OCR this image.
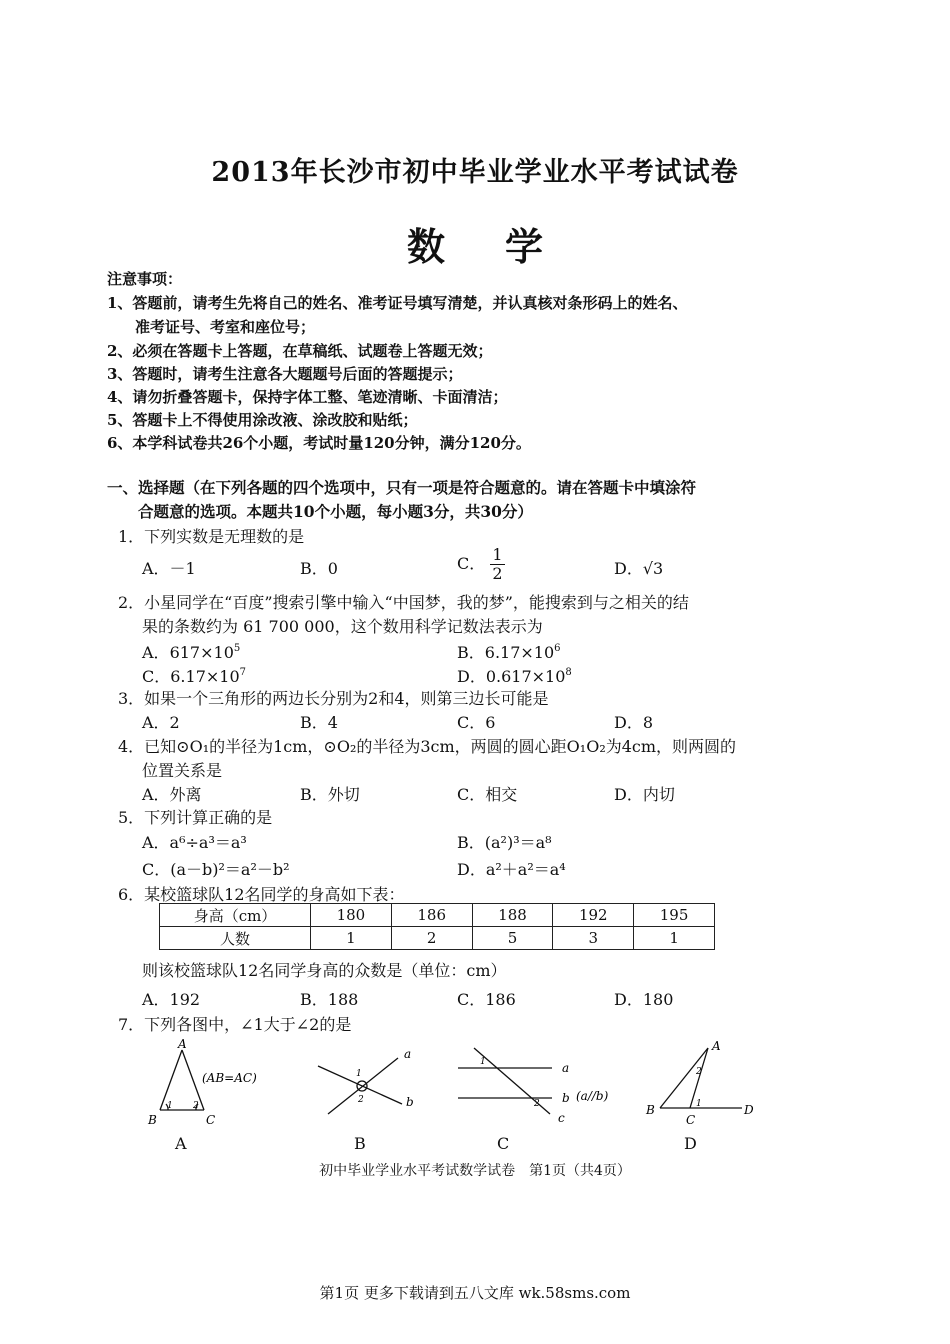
2013年长沙市初中毕业学业水平考试试卷
数学
注意事项：
1、答题前，请考生先将自己的姓名、准考证号填写清楚，并认真核对条形码上的姓名、
准考证号、考室和座位号；
2、必须在答题卡上答题，在草稿纸、试题卷上答题无效；
3、答题时，请考生注意各大题题号后面的答题提示；
4、请勿折叠答题卡，保持字体工整、笔迹清晰、卡面清洁；
5、答题卡上不得使用涂改液、涂改胶和贴纸；
6、本学科试卷共26个小题，考试时量120分钟，满分120分。
一、选择题（在下列各题的四个选项中，只有一项是符合题意的。请在答题卡中填涂符
合题意的选项。本题共10个小题，每小题3分，共30分）
1．下列实数是无理数的是
A．－1	B．0	C． $\frac{1}{2}$	D．√3
2．小星同学在“百度”搜索引擎中输入“中国梦，我的梦”，能搜索到与之相关的结
果的条数约为 61 700 000，这个数用科学记数法表示为
A．$617\times 10^5$	B．$6.17\times 10^6$
C．$6.17\times 10^7$	D．$0.617\times 10^8$
3．如果一个三角形的两边长分别为2和4，则第三边长可能是
A．2	B．4	C．6	D．8
4．已知⊙O₁的半径为1cm，⊙O₂的半径为3cm，两圆的圆心距O₁O₂为4cm，则两圆的
位置关系是
A．外离	B．外切	C．相交	D．内切
5．下列计算正确的是
A．a⁶÷a³＝a³	B．(a²)³＝a⁸
C．(a－b)²＝a²－b²	D．a²＋a²＝a⁴
6．某校篮球队12名同学的身高如下表：
身高（cm）	180	186	188	192	195
人数	1	2	5	3	1
则该校篮球队12名同学身高的众数是（单位：cm）
A．192	B．188	C．186	D．180
7．下列各图中，∠1大于∠2的是
A
B	C
1 2
(AB=AC)
a
b
1
2
a
b
c
(a//b)
1
2
A
B
C
D
1
2
A	B	C	D
初中毕业学业水平考试数学试卷　第1页（共4页）
第1页 更多下载请到五八文库 wk.58sms.com
